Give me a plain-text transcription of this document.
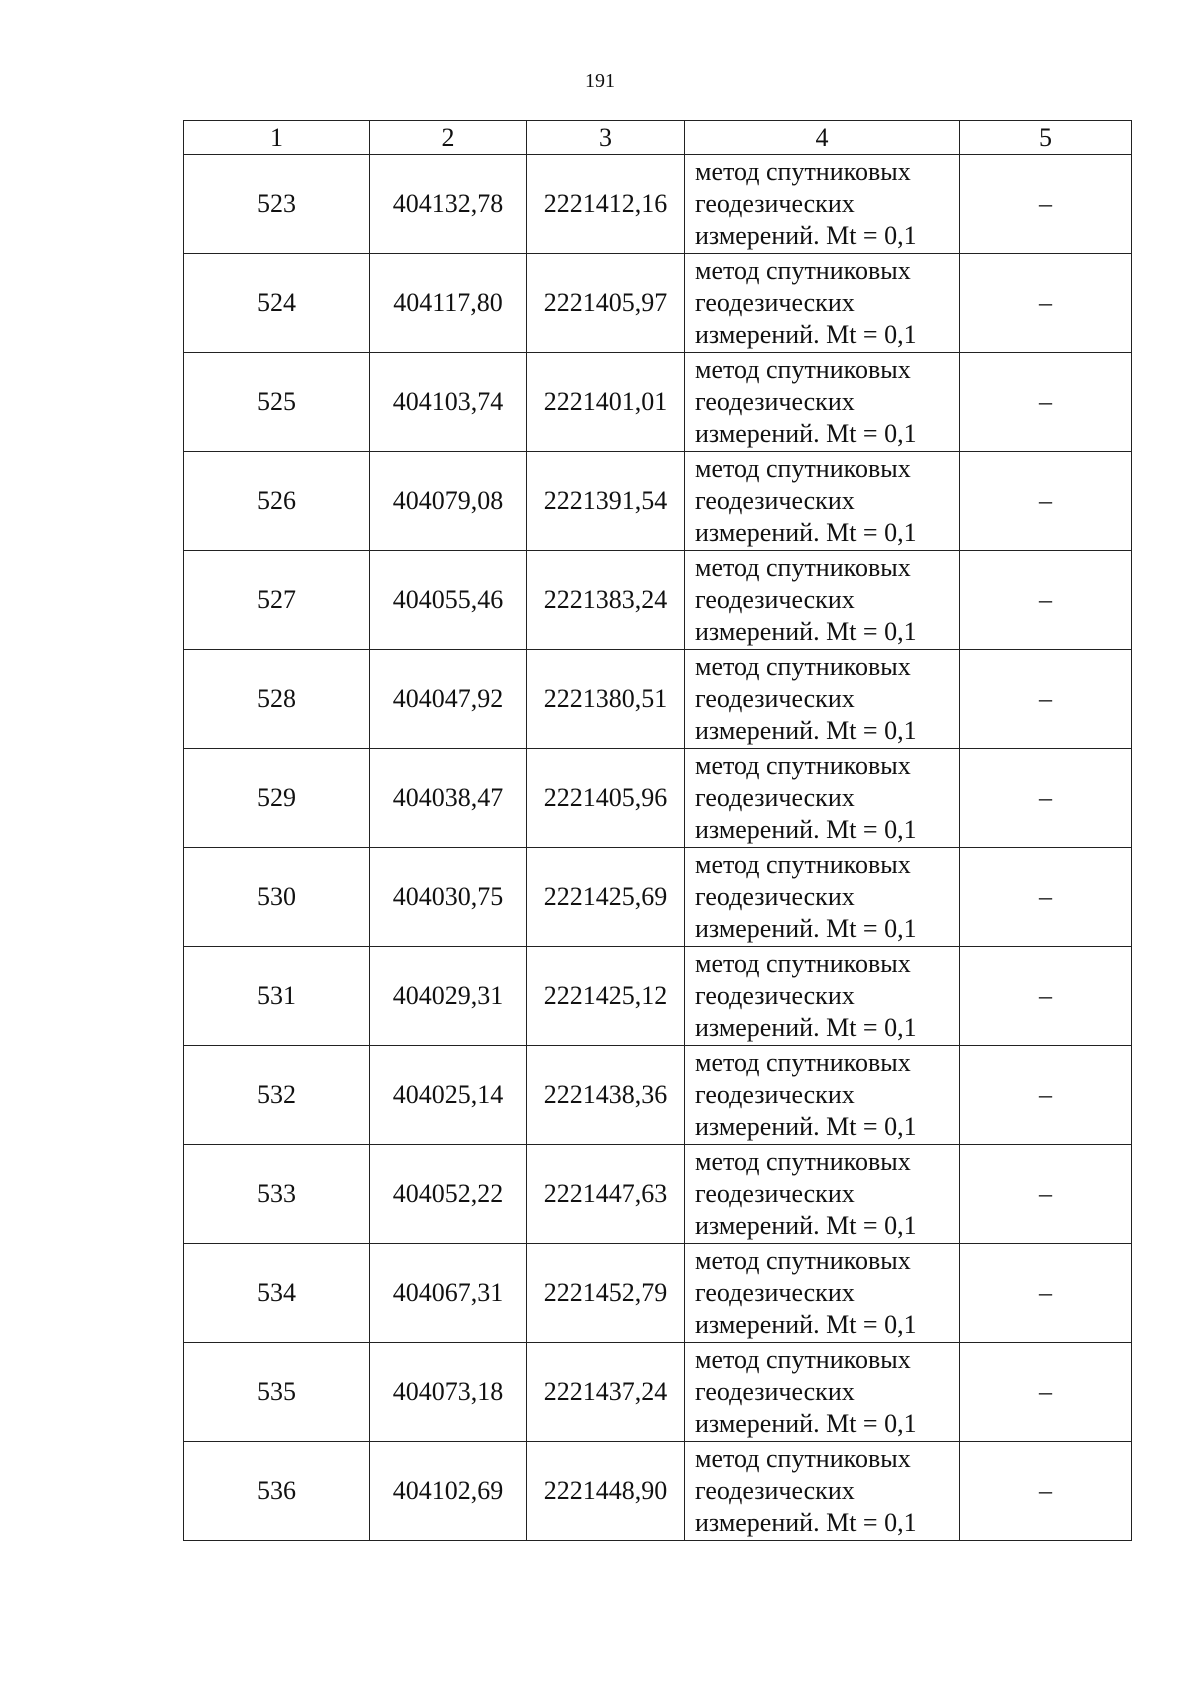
191
1	2	3	4	5
523	404132,78	2221412,16	метод спутниковых
геодезических
измерений. Mt = 0,1	–
524	404117,80	2221405,97	метод спутниковых
геодезических
измерений. Mt = 0,1	–
525	404103,74	2221401,01	метод спутниковых
геодезических
измерений. Mt = 0,1	–
526	404079,08	2221391,54	метод спутниковых
геодезических
измерений. Mt = 0,1	–
527	404055,46	2221383,24	метод спутниковых
геодезических
измерений. Mt = 0,1	–
528	404047,92	2221380,51	метод спутниковых
геодезических
измерений. Mt = 0,1	–
529	404038,47	2221405,96	метод спутниковых
геодезических
измерений. Mt = 0,1	–
530	404030,75	2221425,69	метод спутниковых
геодезических
измерений. Mt = 0,1	–
531	404029,31	2221425,12	метод спутниковых
геодезических
измерений. Mt = 0,1	–
532	404025,14	2221438,36	метод спутниковых
геодезических
измерений. Mt = 0,1	–
533	404052,22	2221447,63	метод спутниковых
геодезических
измерений. Mt = 0,1	–
534	404067,31	2221452,79	метод спутниковых
геодезических
измерений. Mt = 0,1	–
535	404073,18	2221437,24	метод спутниковых
геодезических
измерений. Mt = 0,1	–
536	404102,69	2221448,90	метод спутниковых
геодезических
измерений. Mt = 0,1	–
